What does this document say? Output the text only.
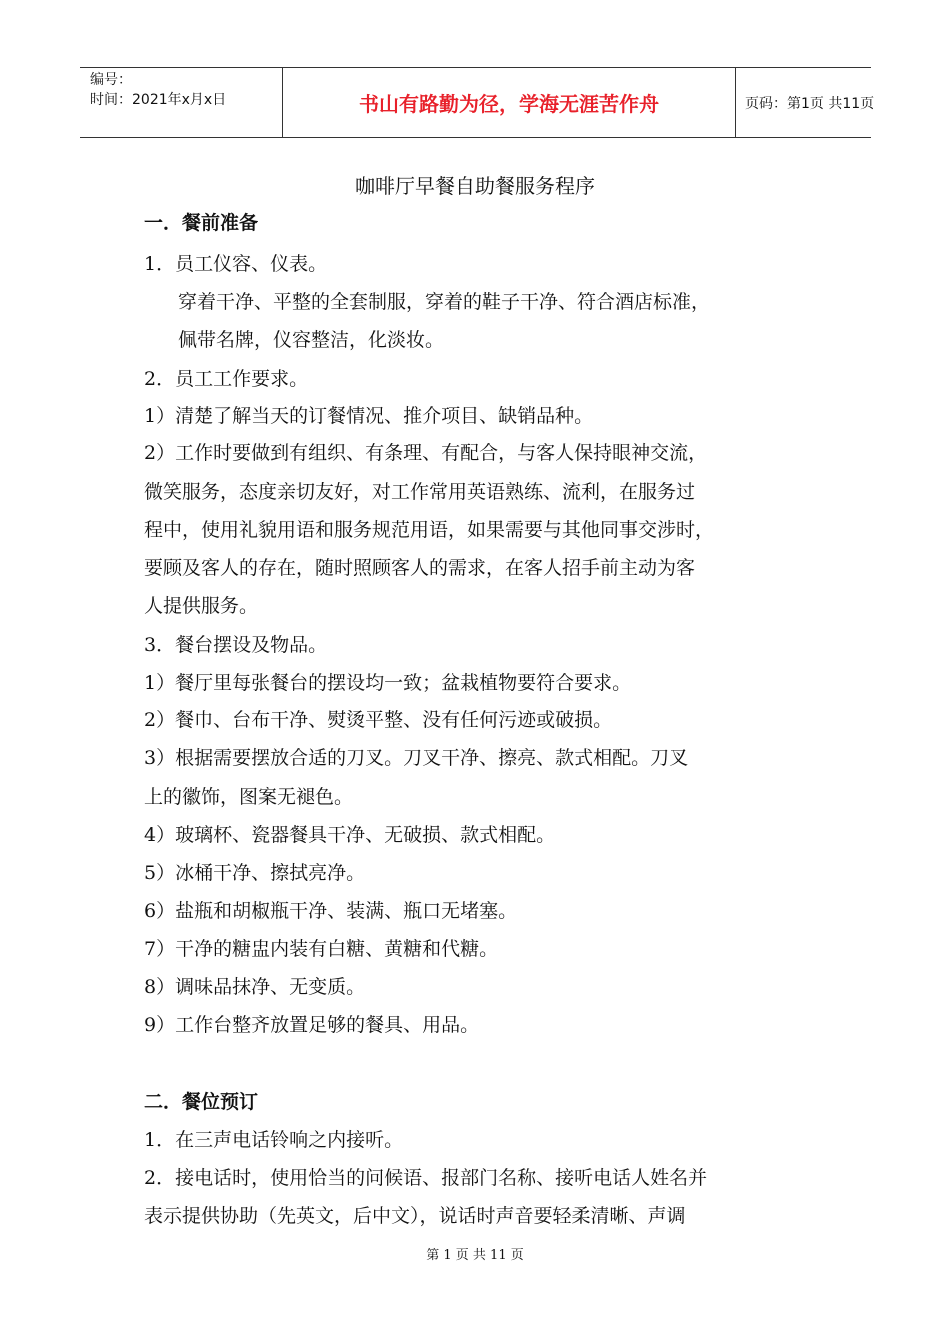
编号：
时间：2021年x月x日	书山有路勤为径，学海无涯苦作舟	页码：第1页 共11页
咖啡厅早餐自助餐服务程序
一．餐前准备
1．员工仪容、仪表。
穿着干净、平整的全套制服，穿着的鞋子干净、符合酒店标准，
佩带名牌，仪容整洁，化淡妆。
2．员工工作要求。
1）清楚了解当天的订餐情况、推介项目、缺销品种。
2）工作时要做到有组织、有条理、有配合，与客人保持眼神交流，
微笑服务，态度亲切友好，对工作常用英语熟练、流利，在服务过
程中，使用礼貌用语和服务规范用语，如果需要与其他同事交涉时，
要顾及客人的存在，随时照顾客人的需求，在客人招手前主动为客
人提供服务。
3．餐台摆设及物品。
1）餐厅里每张餐台的摆设均一致；盆栽植物要符合要求。
2）餐巾、台布干净、熨烫平整、没有任何污迹或破损。
3）根据需要摆放合适的刀叉。刀叉干净、擦亮、款式相配。刀叉
上的徽饰，图案无褪色。
4）玻璃杯、瓷器餐具干净、无破损、款式相配。
5）冰桶干净、擦拭亮净。
6）盐瓶和胡椒瓶干净、装满、瓶口无堵塞。
7）干净的糖盅内装有白糖、黄糖和代糖。
8）调味品抹净、无变质。
9）工作台整齐放置足够的餐具、用品。
二．餐位预订
1．在三声电话铃响之内接听。
2．接电话时，使用恰当的问候语、报部门名称、接听电话人姓名并
表示提供协助（先英文，后中文），说话时声音要轻柔清晰、声调
第 1 页 共 11 页
